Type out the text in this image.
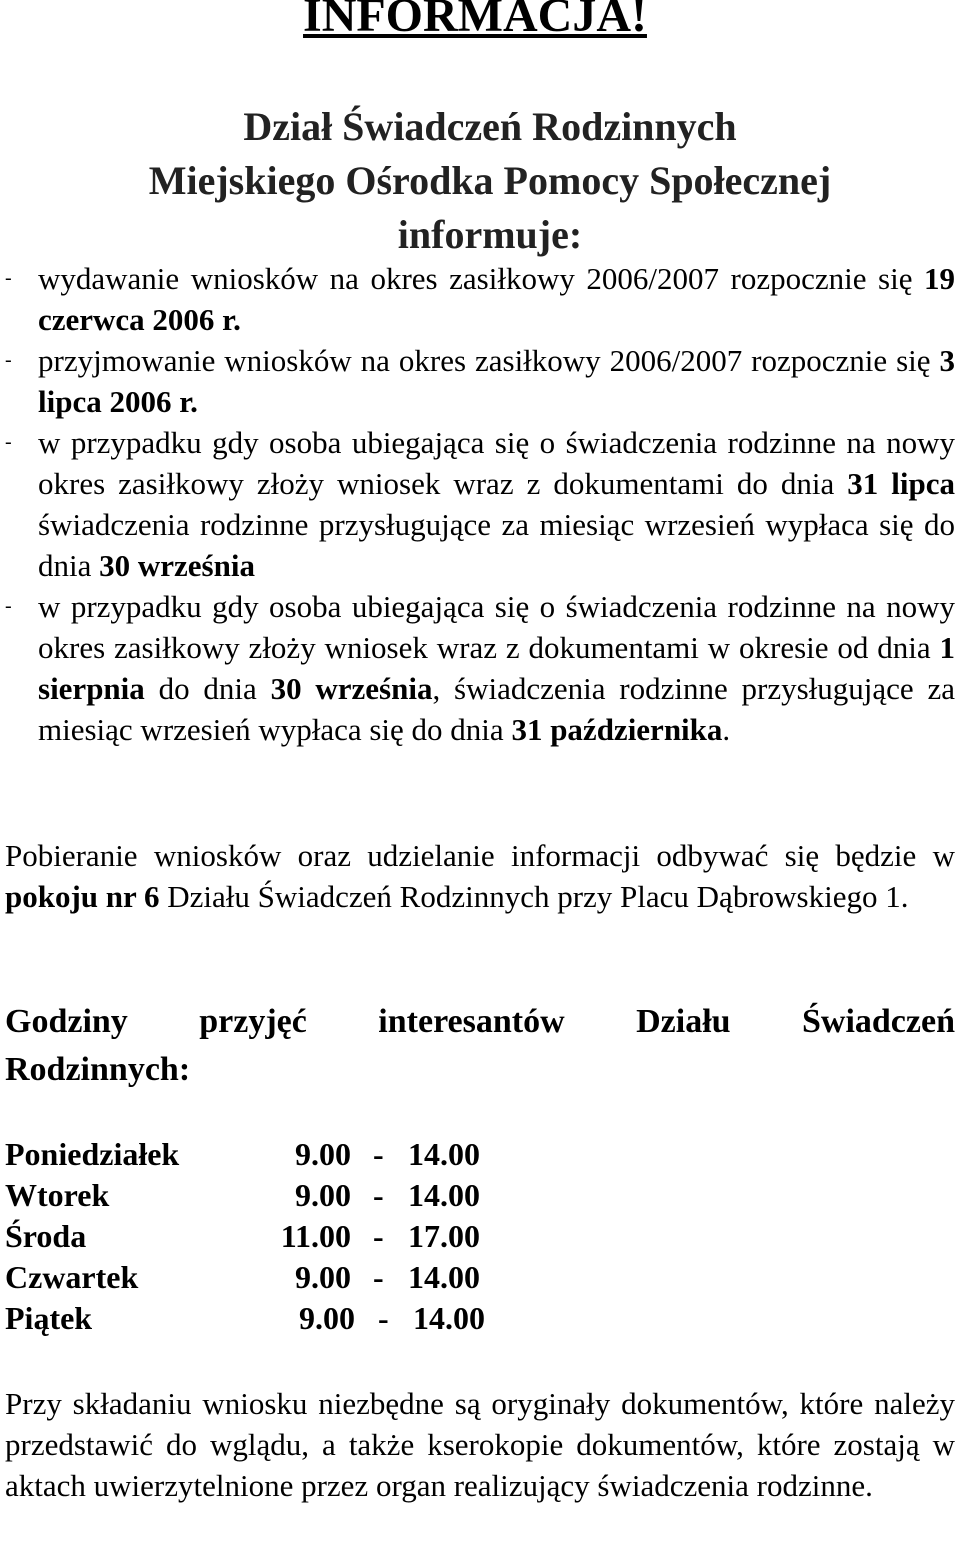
INFORMACJA!
Dział Świadczeń Rodzinnych
Miejskiego Ośrodka Pomocy Społecznej
informuje:
- wydawanie wniosków na okres zasiłkowy 2006/2007 rozpocznie się 19 czerwca 2006 r.
- przyjmowanie wniosków na okres zasiłkowy 2006/2007 rozpocznie się 3 lipca 2006 r.
- w przypadku gdy osoba ubiegająca się o świadczenia rodzinne na nowy okres zasiłkowy złoży wniosek wraz z dokumentami do dnia 31 lipca świadczenia rodzinne przysługujące za miesiąc wrzesień wypłaca się do dnia 30 września
- w przypadku gdy osoba ubiegająca się o świadczenia rodzinne na nowy okres zasiłkowy złoży wniosek wraz z dokumentami w okresie od dnia 1 sierpnia do dnia 30 września, świadczenia rodzinne przysługujące za miesiąc wrzesień wypłaca się do dnia 31 października.
Pobieranie wniosków oraz udzielanie informacji odbywać się będzie w pokoju nr 6 Działu Świadczeń Rodzinnych przy Placu Dąbrowskiego 1.
Godziny przyjęć interesantów Działu Świadczeń
Rodzinnych:
Poniedziałek	9.00 - 14.00
Wtorek	9.00 - 14.00
Środa	11.00 - 17.00
Czwartek	9.00 - 14.00
Piątek	9.00 - 14.00
Przy składaniu wniosku niezbędne są oryginały dokumentów, które należy przedstawić do wglądu, a także kserokopie dokumentów, które zostają w aktach uwierzytelnione przez organ realizujący świadczenia rodzinne.
